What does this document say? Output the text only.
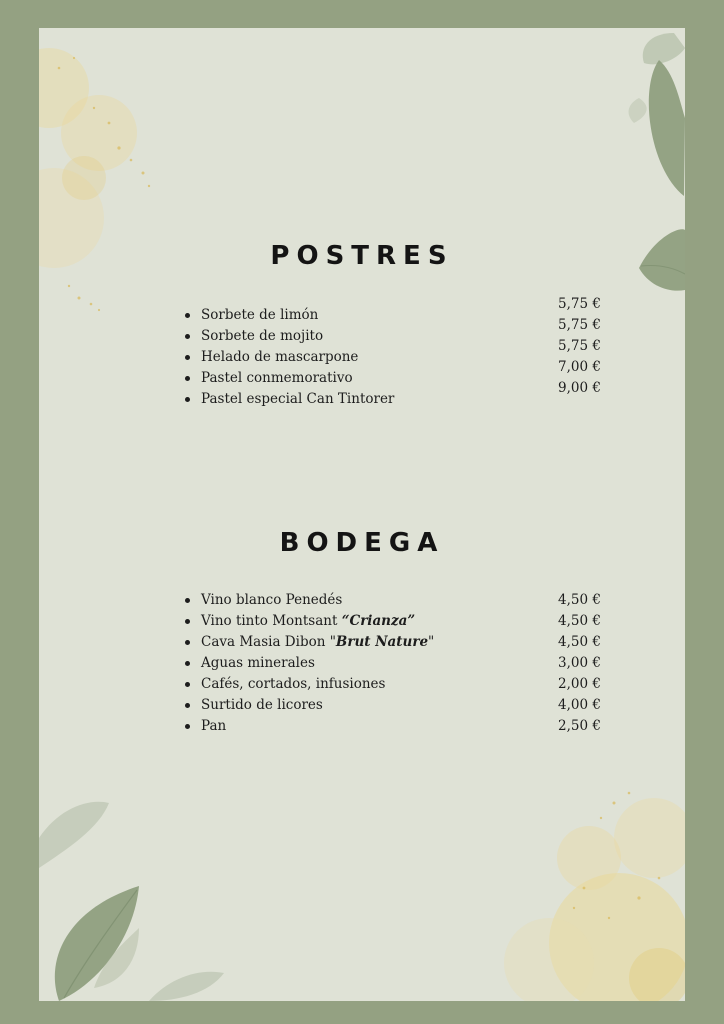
POSTRES
Sorbete de limón
Sorbete de mojito
Helado de mascarpone
Pastel conmemorativo
Pastel especial Can Tintorer
5,75 €
5,75 €
5,75 €
7,00 €
9,00 €
BODEGA
Vino blanco Penedés
Vino tinto Montsant “Crianza”
Cava Masia Dibon "Brut Nature"
Aguas minerales
Cafés, cortados, infusiones
Surtido de licores
Pan
4,50 €
4,50 €
4,50 €
3,00 €
2,00 €
4,00 €
2,50 €
